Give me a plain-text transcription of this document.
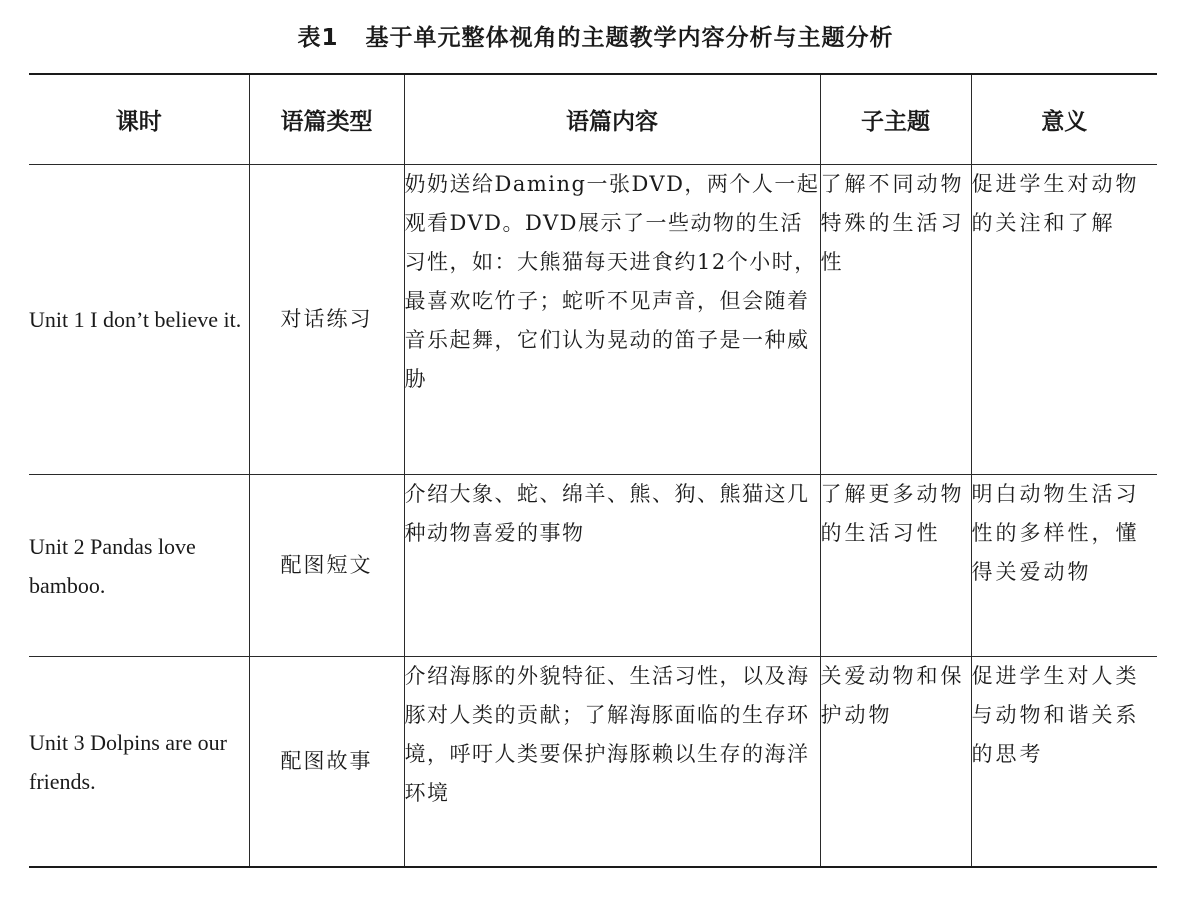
表1   基于单元整体视角的主题教学内容分析与主题分析
课时	语篇类型	语篇内容	子主题	意义
Unit 1 I don’t believe it.	对话练习	奶奶送给Daming一张DVD，两个人一起观看DVD。DVD展示了一些动物的生活习性，如：大熊猫每天进食约12个小时，最喜欢吃竹子；蛇听不见声音，但会随着音乐起舞，它们认为晃动的笛子是一种威胁	了解不同动物特殊的生活习性	促进学生对动物的关注和了解
Unit 2 Pandas love bamboo.	配图短文	介绍大象、蛇、绵羊、熊、狗、熊猫这几种动物喜爱的事物	了解更多动物的生活习性	明白动物生活习性的多样性，懂得关爱动物
Unit 3 Dolpins are our friends.	配图故事	介绍海豚的外貌特征、生活习性，以及海豚对人类的贡献；了解海豚面临的生存环境，呼吁人类要保护海豚赖以生存的海洋环境	关爱动物和保护动物	促进学生对人类与动物和谐关系的思考
